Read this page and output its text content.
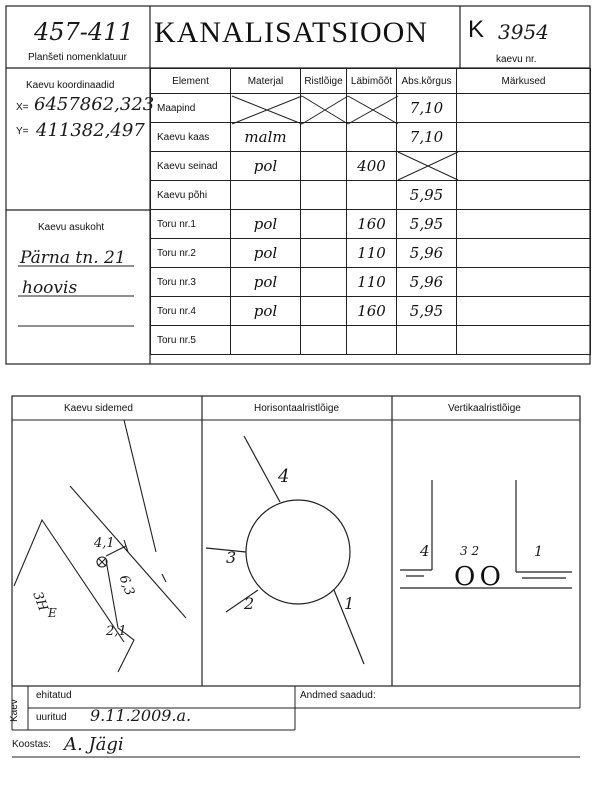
457-411
Planšeti nomenklatuur
KANALISATSIOON K 3954
kaevu nr.
Kaevu koordinaadid
X= 6457862,323
Y= 411382,497
Kaevu asukoht
Pärna tn. 21
hoovis
Element	Materjal	Ristlõige	Läbimõõt	Abs.kõrgus	Märkused
Maapind				7,10	
Kaevu kaas	malm			7,10	
Kaevu seinad	pol		400		
Kaevu põhi				5,95	
Toru nr.1	pol		160	5,95	
Toru nr.2	pol		110	5,96	
Toru nr.3	pol		110	5,96	
Toru nr.4	pol		160	5,95	
Toru nr.5					
Kaevu sidemed	Horisontaalristlõige	Vertikaalristlõige
4,1
6,3
2,1
3H
E
4
3
2	1
4	3 2	1
O O
Kaev
ehitatud
uuritud 9.11.2009.a.
Andmed saadud:
Koostas: A. Jägi
